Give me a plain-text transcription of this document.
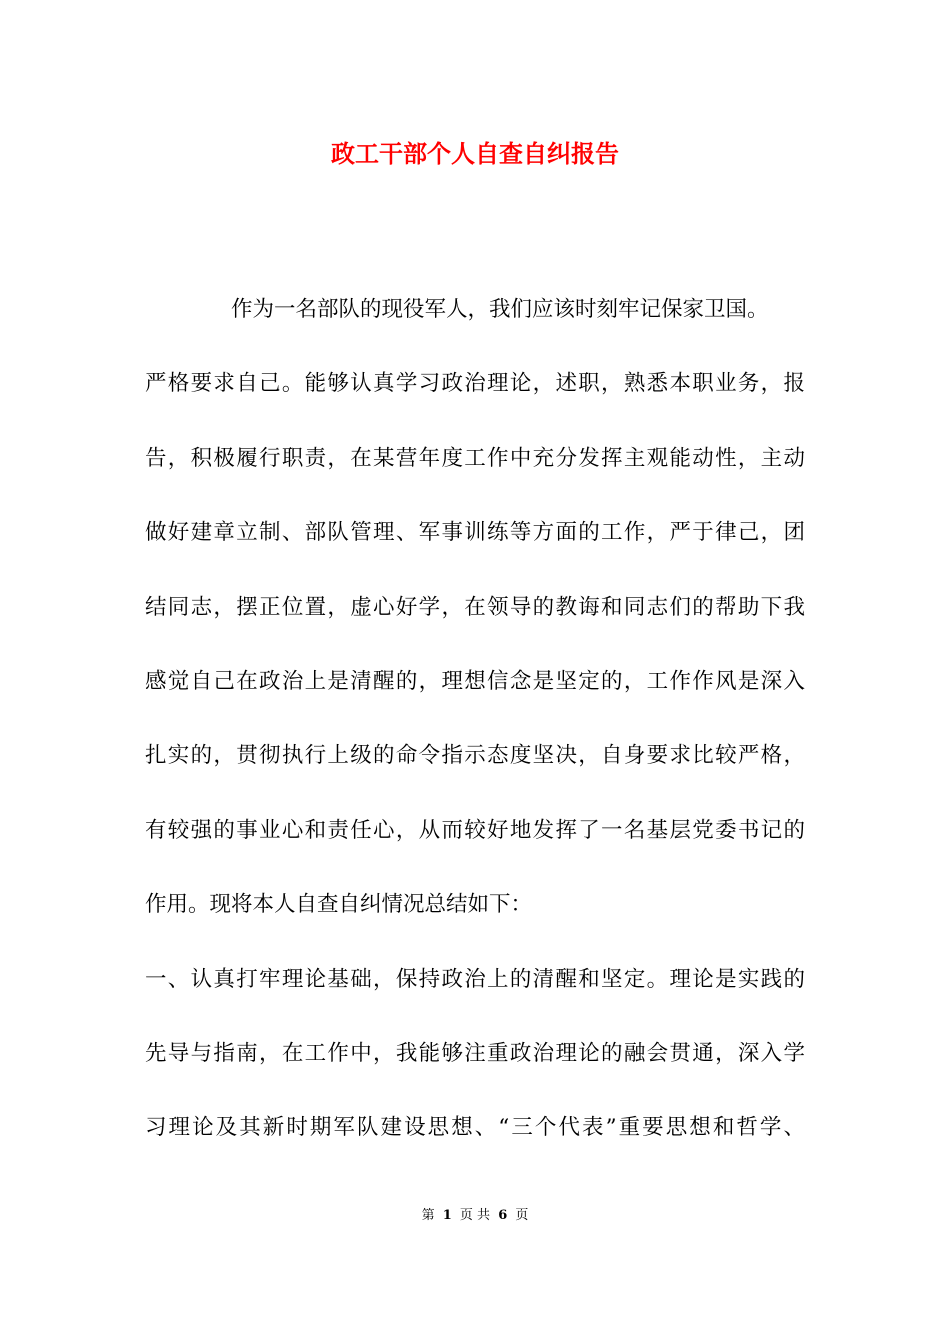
政工干部个人自查自纠报告
作为一名部队的现役军人，我们应该时刻牢记保家卫国。
严格要求自己。能够认真学习政治理论，述职，熟悉本职业务，报
告，积极履行职责，在某营年度工作中充分发挥主观能动性，主动
做好建章立制、部队管理、军事训练等方面的工作，严于律己，团
结同志，摆正位置，虚心好学，在领导的教诲和同志们的帮助下我
感觉自己在政治上是清醒的，理想信念是坚定的，工作作风是深入
扎实的，贯彻执行上级的命令指示态度坚决，自身要求比较严格，
有较强的事业心和责任心，从而较好地发挥了一名基层党委书记的
作用。现将本人自查自纠情况总结如下：
一、认真打牢理论基础，保持政治上的清醒和坚定。理论是实践的
先导与指南，在工作中，我能够注重政治理论的融会贯通，深入学
习理论及其新时期军队建设思想、“三个代表”重要思想和哲学、
第 1 页 共 6 页
